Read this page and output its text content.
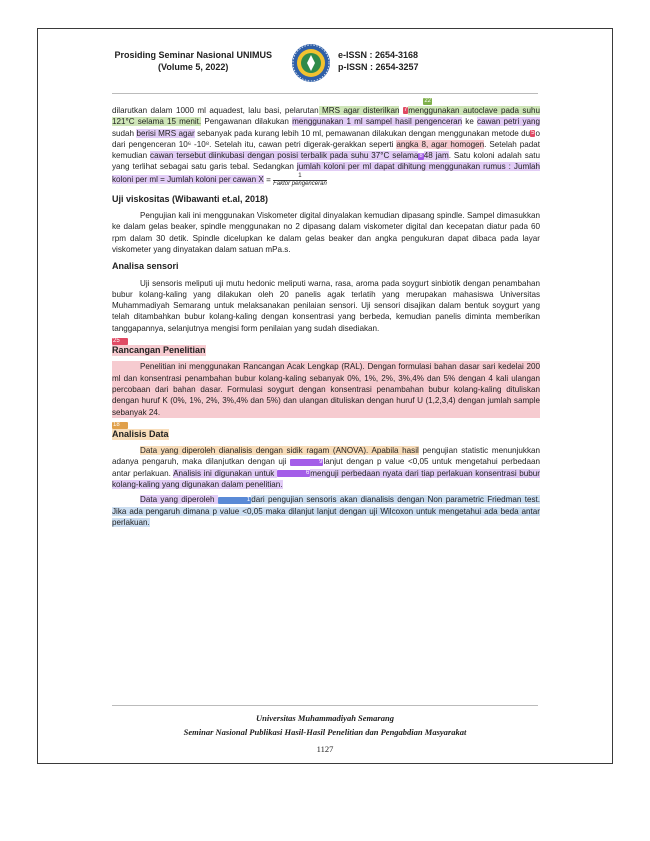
Prosiding Seminar Nasional UNIMUS
(Volume 5, 2022)
e-ISSN : 2654-3168
p-ISSN : 2654-3257
22

dilarutkan dalam 1000 ml aquadest, lalu basi, pelarutan MRS agar disterilkan 7menggunakan autoclave pada suhu 121°C selama 15 menit. Pengawanan dilakukan menggunakan 1 ml sampel hasil pengenceran ke cawan petri yang sudah berisi MRS agar sebanyak pada kurang lebih 10 ml, pemawanan dilakukan dengan menggunakan metode du5o dari pengenceran 10⁶ -10⁸. Setelah itu, cawan petri digerak-gerakkan seperti angka 8, agar homogen. Setelah padat kemudian cawan tersebut diinkubasi dengan posisi terbalik pada suhu 37°C selama848 jam. Satu koloni adalah satu yang terlihat sebagai satu garis tebal. Sedangkan jumlah koloni per ml dapat dihitung menggunakan rumus : Jumlah koloni per ml = Jumlah koloni per cawan X =	1
Faktor pengenceran

Uji viskositas (Wibawanti et.al, 2018)

Pengujian kali ini menggunakan Viskometer digital dinyalakan kemudian dipasang spindle. Sampel dimasukkan ke dalam gelas beaker, spindle menggunakan no 2 dipasang dalam viskometer digital dan kecepatan diatur pada 60 rpm dalam 30 detik. Spindle dicelupkan ke dalam gelas beaker dan angka pengukuran dapat dibaca pada layar viskometer yang dinyatakan dalam satuan mPa.s.

Analisa sensori

Uji sensoris meliputi uji mutu hedonic meliputi warna, rasa, aroma pada soygurt sinbiotik dengan penambahan bubur kolang-kaling yang dilakukan oleh 20 panelis agak terlatih yang merupakan mahasiswa Universitas Muhammadiyah Semarang untuk melaksanakan penilaian sensori. Uji sensori disajikan dalam bentuk soygurt yang telah ditambahkan bubur kolang-kaling dengan konsentrasi yang berbeda, kemudian panelis diminta memberikan tanggapannya, selanjutnya mengisi form penilaian yang sudah disediakan.

25
Rancangan Penelitian

Penelitian ini menggunakan Rancangan Acak Lengkap (RAL). Dengan formulasi bahan dasar sari kedelai 200 ml dan konsentrasi penambahan bubur kolang-kaling sebanyak 0%, 1%, 2%, 3%,4% dan 5% dengan 4 kali ulangan percobaan dari bahan dasar. Formulasi soygurt dengan konsentrasi penambahan bubur kolang-kaling dituliskan dengan huruf K (0%, 1%, 2%, 3%,4% dan 5%) dan ulangan dituliskan dengan huruf U (1,2,3,4) dengan jumlah sample sebanyak 24.

18
Analisis Data

Data yang diperoleh dianalisis dengan sidik ragam (ANOVA). Apabila hasil pengujian statistic menunjukkan adanya pengaruh, maka dilanjutkan dengan uji	9lanjut dengan p value <0,05 untuk mengetahui perbedaan antar perlakuan. Analisis ini digunakan untuk	6menguji perbedaan nyata dari tiap perlakuan konsentrasi bubur kolang-kaling yang digunakan dalam penelitian.

Data yang diperoleh	1dari pengujian sensoris akan dianalisis dengan Non parametric Friedman test. Jika ada pengaruh dimana p value <0,05 maka dilanjut lanjut dengan uji Wilcoxon untuk mengetahui ada beda antar perlakuan.

Universitas Muhammadiyah Semarang
Seminar Nasional Publikasi Hasil-Hasil Penelitian dan Pengabdian Masyarakat
1127
